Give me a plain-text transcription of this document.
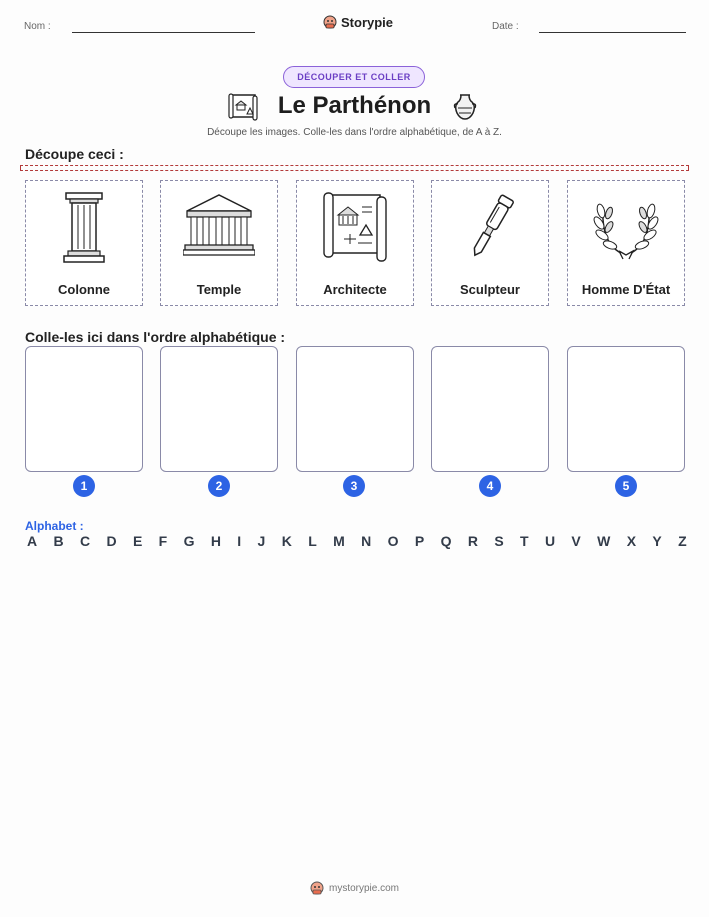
Nom :	Storypie	Date :
DÉCOUPER ET COLLER
Le Parthénon
Découpe les images. Colle-les dans l'ordre alphabétique, de A à Z.
Découpe ceci :
Colonne	Temple	Architecte	Sculpteur	Homme D'État
Colle-les ici dans l'ordre alphabétique :
1	2	3	4	5
Alphabet :
A B C D E F G H I J K L M N O P Q R S T U V W X Y Z
mystorypie.com
